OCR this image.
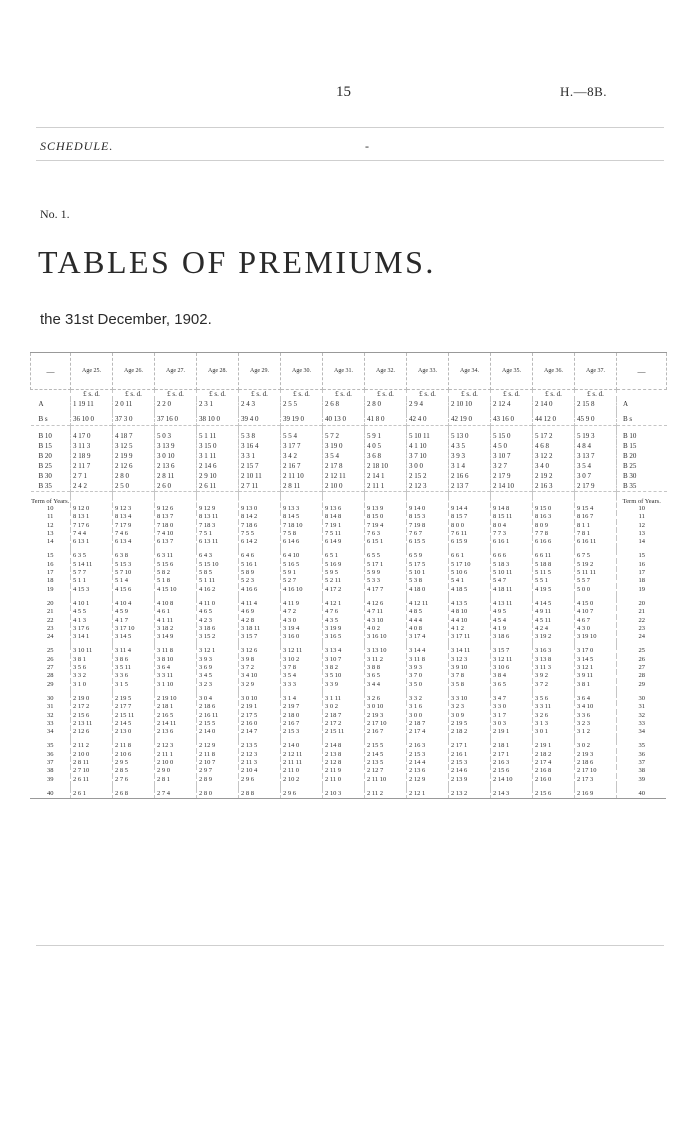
15	H.—8B.
SCHEDULE.	-
No. 1.
TABLES OF PREMIUMS.
the 31st December, 1902.
—	Age 25.	Age 26.	Age 27.	Age 28.	Age 29.	Age 30.	Age 31.	Age 32.	Age 33.	Age 34.	Age 35.	Age 36.	Age 37.	—
	£ s. d.	£ s. d.	£ s. d.	£ s. d.	£ s. d.	£ s. d.	£ s. d.	£ s. d.	£ s. d.	£ s. d.	£ s. d.	£ s. d.	£ s. d.	
A	1 19 11	2 0 11	2 2 0	2 3 1	2 4 3	2 5 5	2 6 8	2 8 0	2 9 4	2 10 10	2 12 4	2 14 0	2 15 8	A

B s	36 10 0	37 3 0	37 16 0	38 10 0	39 4 0	39 19 0	40 13 0	41 8 0	42 4 0	42 19 0	43 16 0	44 12 0	45 9 0	B s

B 10	4 17 0	4 18 7	5 0 3	5 1 11	5 3 8	5 5 4	5 7 2	5 9 1	5 10 11	5 13 0	5 15 0	5 17 2	5 19 3	B 10
B 15	3 11 3	3 12 5	3 13 9	3 15 0	3 16 4	3 17 7	3 19 0	4 0 5	4 1 10	4 3 5	4 5 0	4 6 8	4 8 4	B 15
B 20	2 18 9	2 19 9	3 0 10	3 1 11	3 3 1	3 4 2	3 5 4	3 6 8	3 7 10	3 9 3	3 10 7	3 12 2	3 13 7	B 20
B 25	2 11 7	2 12 6	2 13 6	2 14 6	2 15 7	2 16 7	2 17 8	2 18 10	3 0 0	3 1 4	3 2 7	3 4 0	3 5 4	B 25
B 30	2 7 1	2 8 0	2 8 11	2 9 10	2 10 11	2 11 10	2 12 11	2 14 1	2 15 2	2 16 6	2 17 9	2 19 2	3 0 7	B 30
B 35	2 4 2	2 5 0	2 6 0	2 6 11	2 7 11	2 8 11	2 10 0	2 11 1	2 12 3	2 13 7	2 14 10	2 16 3	2 17 9	B 35

Term of Years.														Term of Years.
10	9 12 0	9 12 3	9 12 6	9 12 9	9 13 0	9 13 3	9 13 6	9 13 9	9 14 0	9 14 4	9 14 8	9 15 0	9 15 4	10
11	8 13 1	8 13 4	8 13 7	8 13 11	8 14 2	8 14 5	8 14 8	8 15 0	8 15 3	8 15 7	8 15 11	8 16 3	8 16 7	11
12	7 17 6	7 17 9	7 18 0	7 18 3	7 18 6	7 18 10	7 19 1	7 19 4	7 19 8	8 0 0	8 0 4	8 0 9	8 1 1	12
13	7 4 4	7 4 6	7 4 10	7 5 1	7 5 5	7 5 8	7 5 11	7 6 3	7 6 7	7 6 11	7 7 3	7 7 8	7 8 1	13
14	6 13 1	6 13 4	6 13 7	6 13 11	6 14 2	6 14 6	6 14 9	6 15 1	6 15 5	6 15 9	6 16 1	6 16 6	6 16 11	14

15	6 3 5	6 3 8	6 3 11	6 4 3	6 4 6	6 4 10	6 5 1	6 5 5	6 5 9	6 6 1	6 6 6	6 6 11	6 7 5	15
16	5 14 11	5 15 3	5 15 6	5 15 10	5 16 1	5 16 5	5 16 9	5 17 1	5 17 5	5 17 10	5 18 3	5 18 8	5 19 2	16
17	5 7 7	5 7 10	5 8 2	5 8 5	5 8 9	5 9 1	5 9 5	5 9 9	5 10 1	5 10 6	5 10 11	5 11 5	5 11 11	17
18	5 1 1	5 1 4	5 1 8	5 1 11	5 2 3	5 2 7	5 2 11	5 3 3	5 3 8	5 4 1	5 4 7	5 5 1	5 5 7	18
19	4 15 3	4 15 6	4 15 10	4 16 2	4 16 6	4 16 10	4 17 2	4 17 7	4 18 0	4 18 5	4 18 11	4 19 5	5 0 0	19

20	4 10 1	4 10 4	4 10 8	4 11 0	4 11 4	4 11 9	4 12 1	4 12 6	4 12 11	4 13 5	4 13 11	4 14 5	4 15 0	20
21	4 5 5	4 5 9	4 6 1	4 6 5	4 6 9	4 7 2	4 7 6	4 7 11	4 8 5	4 8 10	4 9 5	4 9 11	4 10 7	21
22	4 1 3	4 1 7	4 1 11	4 2 3	4 2 8	4 3 0	4 3 5	4 3 10	4 4 4	4 4 10	4 5 4	4 5 11	4 6 7	22
23	3 17 6	3 17 10	3 18 2	3 18 6	3 18 11	3 19 4	3 19 9	4 0 2	4 0 8	4 1 2	4 1 9	4 2 4	4 3 0	23
24	3 14 1	3 14 5	3 14 9	3 15 2	3 15 7	3 16 0	3 16 5	3 16 10	3 17 4	3 17 11	3 18 6	3 19 2	3 19 10	24

25	3 10 11	3 11 4	3 11 8	3 12 1	3 12 6	3 12 11	3 13 4	3 13 10	3 14 4	3 14 11	3 15 7	3 16 3	3 17 0	25
26	3 8 1	3 8 6	3 8 10	3 9 3	3 9 8	3 10 2	3 10 7	3 11 2	3 11 8	3 12 3	3 12 11	3 13 8	3 14 5	26
27	3 5 6	3 5 11	3 6 4	3 6 9	3 7 2	3 7 8	3 8 2	3 8 8	3 9 3	3 9 10	3 10 6	3 11 3	3 12 1	27
28	3 3 2	3 3 6	3 3 11	3 4 5	3 4 10	3 5 4	3 5 10	3 6 5	3 7 0	3 7 8	3 8 4	3 9 2	3 9 11	28
29	3 1 0	3 1 5	3 1 10	3 2 3	3 2 9	3 3 3	3 3 9	3 4 4	3 5 0	3 5 8	3 6 5	3 7 2	3 8 1	29

30	2 19 0	2 19 5	2 19 10	3 0 4	3 0 10	3 1 4	3 1 11	3 2 6	3 3 2	3 3 10	3 4 7	3 5 6	3 6 4	30
31	2 17 2	2 17 7	2 18 1	2 18 6	2 19 1	2 19 7	3 0 2	3 0 10	3 1 6	3 2 3	3 3 0	3 3 11	3 4 10	31
32	2 15 6	2 15 11	2 16 5	2 16 11	2 17 5	2 18 0	2 18 7	2 19 3	3 0 0	3 0 9	3 1 7	3 2 6	3 3 6	32
33	2 13 11	2 14 5	2 14 11	2 15 5	2 16 0	2 16 7	2 17 2	2 17 10	2 18 7	2 19 5	3 0 3	3 1 3	3 2 3	33
34	2 12 6	2 13 0	2 13 6	2 14 0	2 14 7	2 15 3	2 15 11	2 16 7	2 17 4	2 18 2	2 19 1	3 0 1	3 1 2	34

35	2 11 2	2 11 8	2 12 3	2 12 9	2 13 5	2 14 0	2 14 8	2 15 5	2 16 3	2 17 1	2 18 1	2 19 1	3 0 2	35
36	2 10 0	2 10 6	2 11 1	2 11 8	2 12 3	2 12 11	2 13 8	2 14 5	2 15 3	2 16 1	2 17 1	2 18 2	2 19 3	36
37	2 8 11	2 9 5	2 10 0	2 10 7	2 11 3	2 11 11	2 12 8	2 13 5	2 14 4	2 15 3	2 16 3	2 17 4	2 18 6	37
38	2 7 10	2 8 5	2 9 0	2 9 7	2 10 4	2 11 0	2 11 9	2 12 7	2 13 6	2 14 6	2 15 6	2 16 8	2 17 10	38
39	2 6 11	2 7 6	2 8 1	2 8 9	2 9 6	2 10 2	2 11 0	2 11 10	2 12 9	2 13 9	2 14 10	2 16 0	2 17 3	39

40	2 6 1	2 6 8	2 7 4	2 8 0	2 8 8	2 9 6	2 10 3	2 11 2	2 12 1	2 13 2	2 14 3	2 15 6	2 16 9	40
